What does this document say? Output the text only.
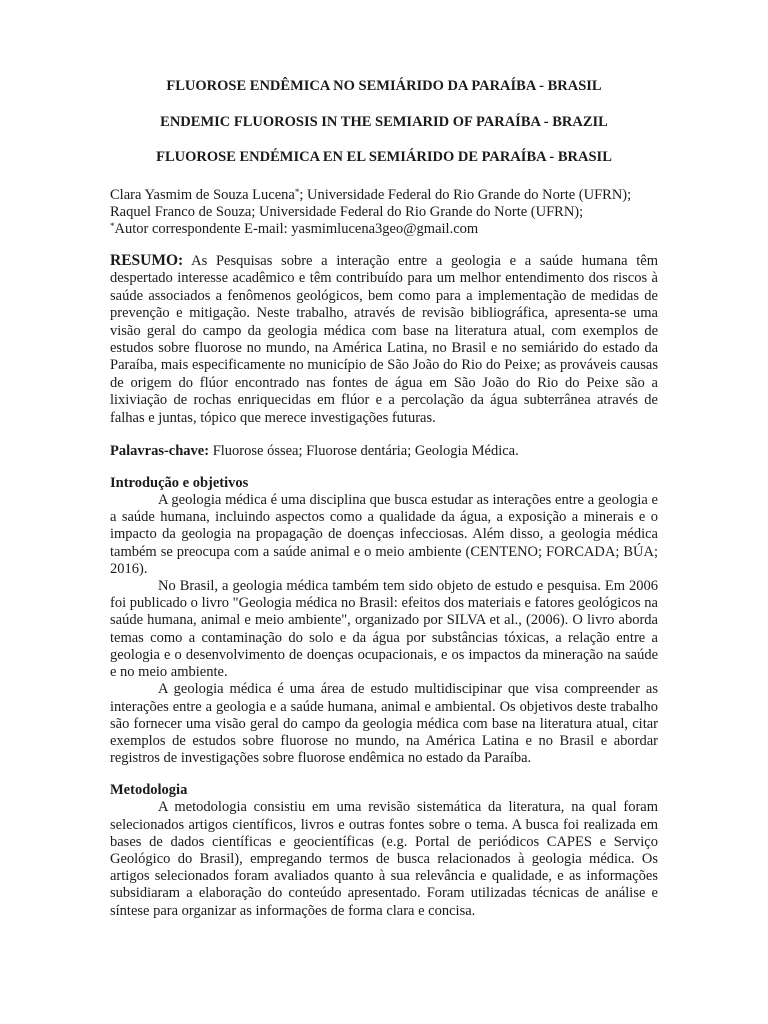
FLUOROSE ENDÊMICA NO SEMIÁRIDO DA PARAÍBA - BRASIL
ENDEMIC FLUOROSIS IN THE SEMIARID OF PARAÍBA - BRAZIL
FLUOROSE ENDÉMICA EN EL SEMIÁRIDO DE PARAÍBA - BRASIL

Clara Yasmim de Souza Lucena*; Universidade Federal do Rio Grande do Norte (UFRN);

Raquel Franco de Souza; Universidade Federal do Rio Grande do Norte (UFRN);

*Autor correspondente E-mail: yasmimlucena3geo@gmail.com

RESUMO: As Pesquisas sobre a interação entre a geologia e a saúde humana têm despertado interesse acadêmico e têm contribuído para um melhor entendimento dos riscos à saúde associados a fenômenos geológicos, bem como para a implementação de medidas de prevenção e mitigação. Neste trabalho, através de revisão bibliográfica, apresenta-se uma visão geral do campo da geologia médica com base na literatura atual, com exemplos de estudos sobre fluorose no mundo, na América Latina, no Brasil e no semiárido do estado da Paraíba, mais especificamente no município de São João do Rio do Peixe; as prováveis causas de origem do flúor encontrado nas fontes de água em São João do Rio do Peixe são a lixiviação de rochas enriquecidas em flúor e a percolação da água subterrânea através de falhas e juntas, tópico que merece investigações futuras.

Palavras-chave: Fluorose óssea; Fluorose dentária; Geologia Médica.

Introdução e objetivos

A geologia médica é uma disciplina que busca estudar as interações entre a geologia e a saúde humana, incluindo aspectos como a qualidade da água, a exposição a minerais e o impacto da geologia na propagação de doenças infecciosas. Além disso, a geologia médica também se preocupa com a saúde animal e o meio ambiente (CENTENO; FORCADA; BÚA; 2016).

No Brasil, a geologia médica também tem sido objeto de estudo e pesquisa. Em 2006 foi publicado o livro "Geologia médica no Brasil: efeitos dos materiais e fatores geológicos na saúde humana, animal e meio ambiente", organizado por SILVA et al., (2006). O livro aborda temas como a contaminação do solo e da água por substâncias tóxicas, a relação entre a geologia e o desenvolvimento de doenças ocupacionais, e os impactos da mineração na saúde e no meio ambiente.

A geologia médica é uma área de estudo multidiscipinar que visa compreender as interações entre a geologia e a saúde humana, animal e ambiental. Os objetivos deste trabalho são fornecer uma visão geral do campo da geologia médica com base na literatura atual, citar exemplos de estudos sobre fluorose no mundo, na América Latina e no Brasil e abordar registros de investigações sobre fluorose endêmica no estado da Paraíba.

Metodologia

A metodologia consistiu em uma revisão sistemática da literatura, na qual foram selecionados artigos científicos, livros e outras fontes sobre o tema. A busca foi realizada em bases de dados científicas e geocientíficas (e.g. Portal de periódicos CAPES e Serviço Geológico do Brasil), empregando termos de busca relacionados à geologia médica. Os artigos selecionados foram avaliados quanto à sua relevância e qualidade, e as informações subsidiaram a elaboração do conteúdo apresentado. Foram utilizadas técnicas de análise e síntese para organizar as informações de forma clara e concisa.
